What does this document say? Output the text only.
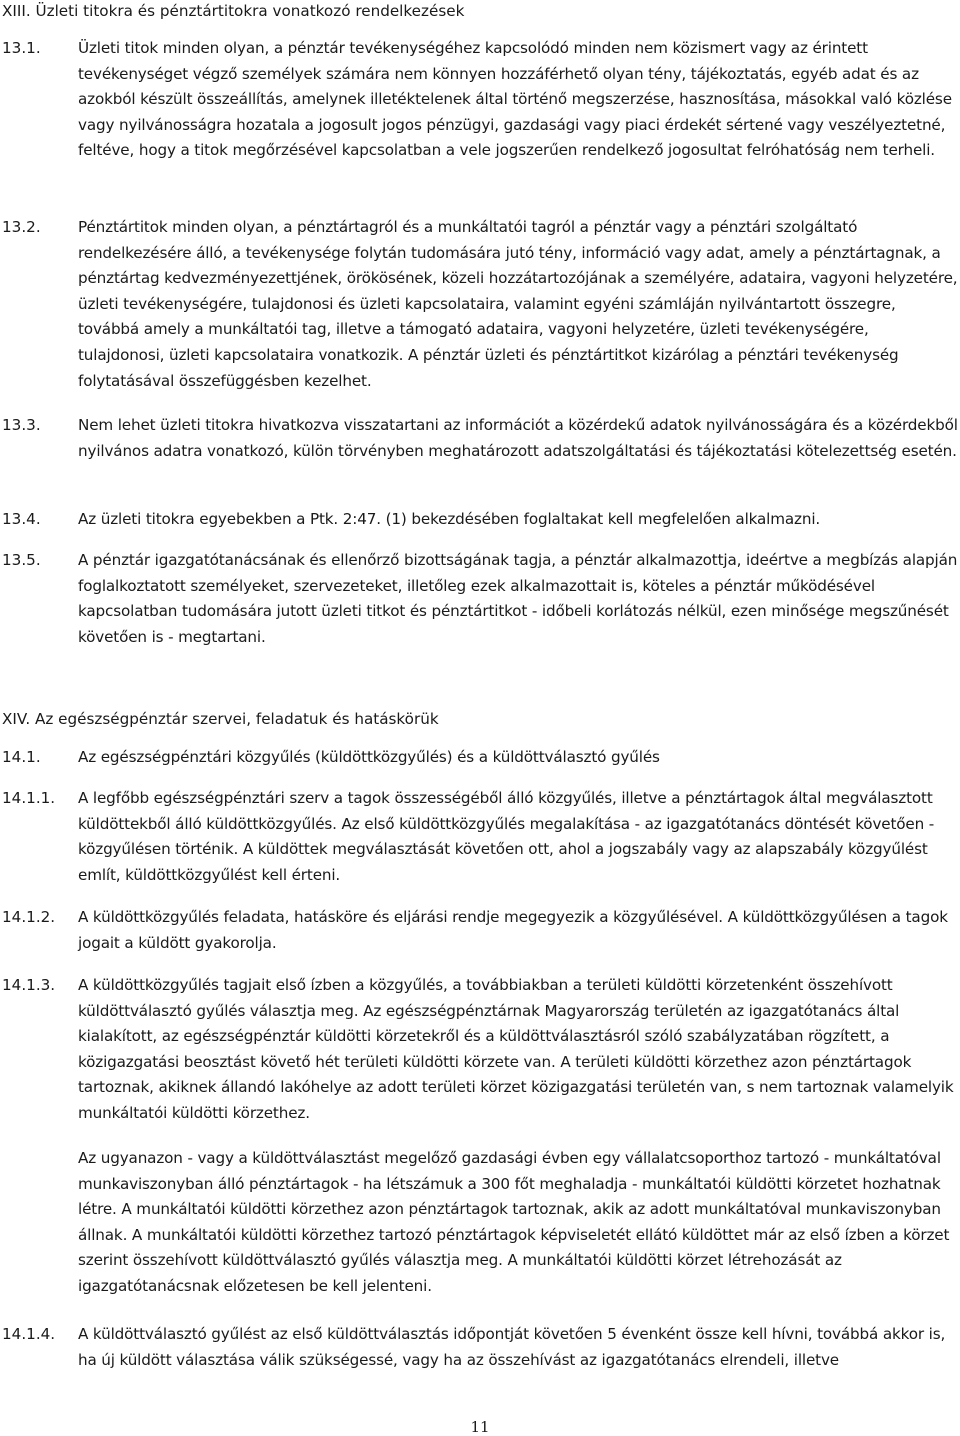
XIII. Üzleti titokra és pénztártitokra vonatkozó rendelkezések
13.1. Üzleti titok minden olyan, a pénztár tevékenységéhez kapcsolódó minden nem közismert vagy az érintett tevékenységet végző személyek számára nem könnyen hozzáférhető olyan tény, tájékoztatás, egyéb adat és az azokból készült összeállítás, amelynek illetéktelenek által történő megszerzése, hasznosítása, másokkal való közlése vagy nyilvánosságra hozatala a jogosult jogos pénzügyi, gazdasági vagy piaci érdekét sértené vagy veszélyeztetné, feltéve, hogy a titok megőrzésével kapcsolatban a vele jogszerűen rendelkező jogosultat felróhatóság nem terheli.
13.2. Pénztártitok minden olyan, a pénztártagról és a munkáltatói tagról a pénztár vagy a pénztári szolgáltató rendelkezésére álló, a tevékenysége folytán tudomására jutó tény, információ vagy adat, amely a pénztártagnak, a pénztártag kedvezményezettjének, örökösének, közeli hozzátartozójának a személyére, adataira, vagyoni helyzetére, üzleti tevékenységére, tulajdonosi és üzleti kapcsolataira, valamint egyéni számláján nyilvántartott összegre, továbbá amely a munkáltatói tag, illetve a támogató adataira, vagyoni helyzetére, üzleti tevékenységére, tulajdonosi, üzleti kapcsolataira vonatkozik. A pénztár üzleti és pénztártitkot kizárólag a pénztári tevékenység folytatásával összefüggésben kezelhet.
13.3. Nem lehet üzleti titokra hivatkozva visszatartani az információt a közérdekű adatok nyilvánosságára és a közérdekből nyilvános adatra vonatkozó, külön törvényben meghatározott adatszolgáltatási és tájékoztatási kötelezettség esetén.
13.4. Az üzleti titokra egyebekben a Ptk. 2:47. (1) bekezdésében foglaltakat kell megfelelően alkalmazni.
13.5. A pénztár igazgatótanácsának és ellenőrző bizottságának tagja, a pénztár alkalmazottja, ideértve a megbízás alapján foglalkoztatott személyeket, szervezeteket, illetőleg ezek alkalmazottait is, köteles a pénztár működésével kapcsolatban tudomására jutott üzleti titkot és pénztártitkot - időbeli korlátozás nélkül, ezen minősége megszűnését követően is - megtartani.
XIV. Az egészségpénztár szervei, feladatuk és hatáskörük
14.1. Az egészségpénztári közgyűlés (küldöttközgyűlés) és a küldöttválasztó gyűlés
14.1.1. A legfőbb egészségpénztári szerv a tagok összességéből álló közgyűlés, illetve a pénztártagok által megválasztott küldöttekből álló küldöttközgyűlés. Az első küldöttközgyűlés megalakítása - az igazgatótanács döntését követően - közgyűlésen történik. A küldöttek megválasztását követően ott, ahol a jogszabály vagy az alapszabály közgyűlést említ, küldöttközgyűlést kell érteni.
14.1.2. A küldöttközgyűlés feladata, hatásköre és eljárási rendje megegyezik a közgyűlésével. A küldöttközgyűlésen a tagok jogait a küldött gyakorolja.
14.1.3. A küldöttközgyűlés tagjait első ízben a közgyűlés, a továbbiakban a területi küldötti körzetenként összehívott küldöttválasztó gyűlés választja meg. Az egészségpénztárnak Magyarország területén az igazgatótanács által kialakított, az egészségpénztár küldötti körzetekről és a küldöttválasztásról szóló szabályzatában rögzített, a közigazgatási beosztást követő hét területi küldötti körzete van. A területi küldötti körzethez azon pénztártagok tartoznak, akiknek állandó lakóhelye az adott területi körzet közigazgatási területén van, s nem tartoznak valamelyik munkáltatói küldötti körzethez.
Az ugyanazon - vagy a küldöttválasztást megelőző gazdasági évben egy vállalatcsoporthoz tartozó - munkáltatóval munkaviszonyban álló pénztártagok - ha létszámuk a 300 főt meghaladja - munkáltatói küldötti körzetet hozhatnak létre. A munkáltatói küldötti körzethez azon pénztártagok tartoznak, akik az adott munkáltatóval munkaviszonyban állnak. A munkáltatói küldötti körzethez tartozó pénztártagok képviseletét ellátó küldöttet már az első ízben a körzet szerint összehívott küldöttválasztó gyűlés választja meg. A munkáltatói küldötti körzet létrehozását az igazgatótanácsnak előzetesen be kell jelenteni.
14.1.4. A küldöttválasztó gyűlést az első küldöttválasztás időpontját követően 5 évenként össze kell hívni, továbbá akkor is, ha új küldött választása válik szükségessé, vagy ha az összehívást az igazgatótanács elrendeli, illetve
11
